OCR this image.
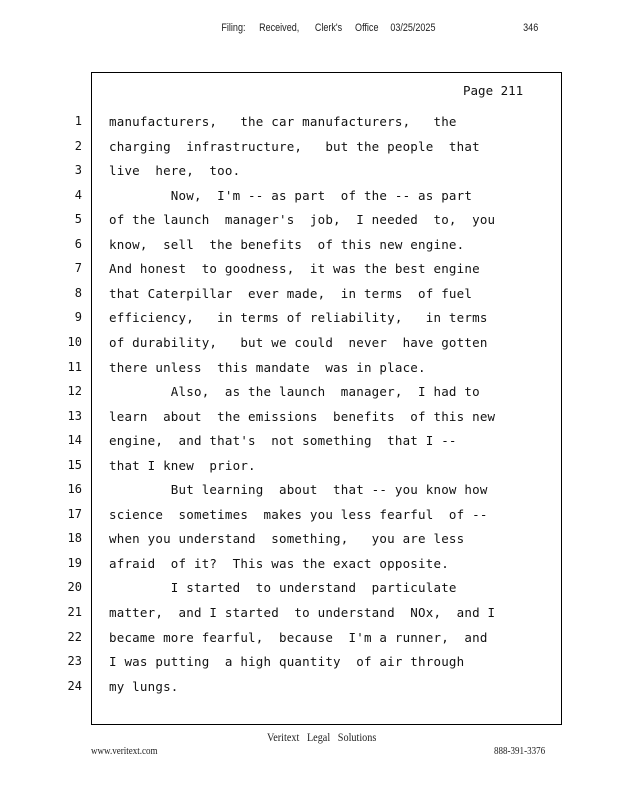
Filing: Received, Clerk's Office 03/25/2025	346
Page 211
1
2
3
4
5
6
7
8
9
10
11
12
13
14
15
16
17
18
19
20
21
22
23
24
manufacturers,   the car manufacturers,   the
charging  infrastructure,   but the people  that
live  here,  too.
Now,  I'm -- as part  of the -- as part
of the launch  manager's  job,  I needed  to,  you
know,  sell  the benefits  of this new engine.
And honest  to goodness,  it was the best engine
that Caterpillar  ever made,  in terms  of fuel
efficiency,   in terms of reliability,   in terms
of durability,   but we could  never  have gotten
there unless  this mandate  was in place.
Also,  as the launch  manager,  I had to
learn  about  the emissions  benefits  of this new
engine,  and that's  not something  that I --
that I knew  prior.
But learning  about  that -- you know how
science  sometimes  makes you less fearful  of --
when you understand  something,   you are less
afraid  of it?  This was the exact opposite.
I started  to understand  particulate
matter,  and I started  to understand  NOx,  and I
became more fearful,  because  I'm a runner,  and
I was putting  a high quantity  of air through
my lungs.
Veritext   Legal   Solutions
www.veritext.com	888-391-3376
